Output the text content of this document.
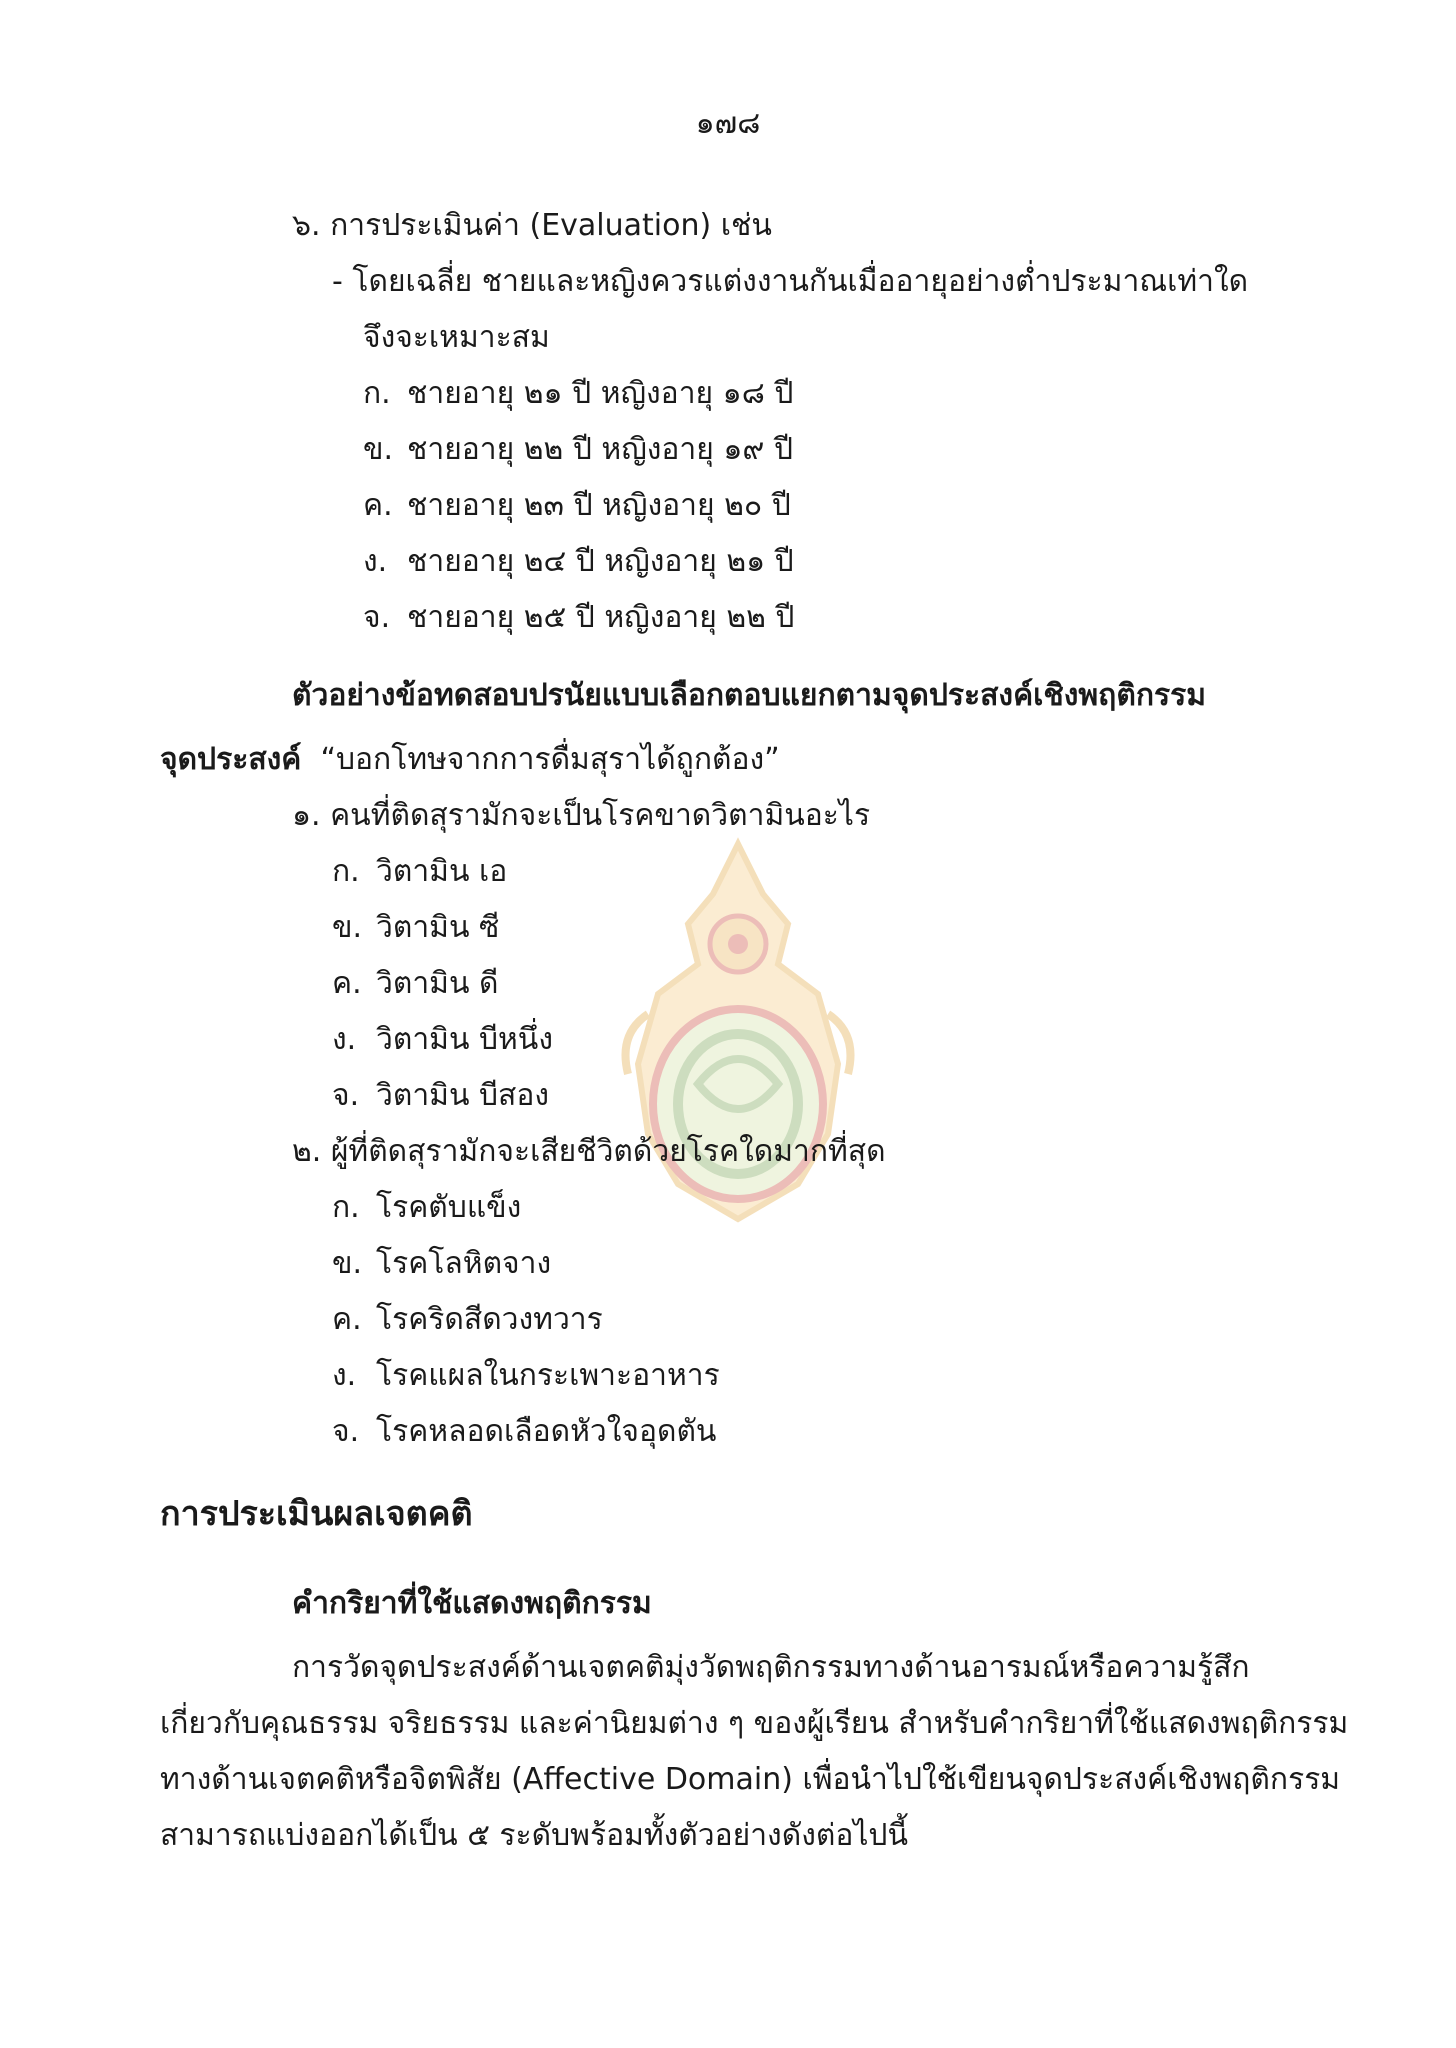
๑๗๘
๖. การประเมินค่า (Evaluation) เช่น
- โดยเฉลี่ย ชายและหญิงควรแต่งงานกันเมื่ออายุอย่างต่ำประมาณเท่าใด
จึงจะเหมาะสม
ก. ชายอายุ ๒๑ ปี หญิงอายุ ๑๘ ปี
ข. ชายอายุ ๒๒ ปี หญิงอายุ ๑๙ ปี
ค. ชายอายุ ๒๓ ปี หญิงอายุ ๒๐ ปี
ง. ชายอายุ ๒๔ ปี หญิงอายุ ๒๑ ปี
จ. ชายอายุ ๒๕ ปี หญิงอายุ ๒๒ ปี
ตัวอย่างข้อทดสอบปรนัยแบบเลือกตอบแยกตามจุดประสงค์เชิงพฤติกรรม
จุดประสงค์ “บอกโทษจากการดื่มสุราได้ถูกต้อง”
๑. คนที่ติดสุรามักจะเป็นโรคขาดวิตามินอะไร
ก. วิตามิน เอ
ข. วิตามิน ซี
ค. วิตามิน ดี
ง. วิตามิน บีหนึ่ง
จ. วิตามิน บีสอง
๒. ผู้ที่ติดสุรามักจะเสียชีวิตด้วยโรคใดมากที่สุด
ก. โรคตับแข็ง
ข. โรคโลหิตจาง
ค. โรคริดสีดวงทวาร
ง. โรคแผลในกระเพาะอาหาร
จ. โรคหลอดเลือดหัวใจอุดตัน
การประเมินผลเจตคติ
คำกริยาที่ใช้แสดงพฤติกรรม
การวัดจุดประสงค์ด้านเจตคติมุ่งวัดพฤติกรรมทางด้านอารมณ์หรือความรู้สึก
เกี่ยวกับคุณธรรม จริยธรรม และค่านิยมต่าง ๆ ของผู้เรียน สำหรับคำกริยาที่ใช้แสดงพฤติกรรม
ทางด้านเจตคติหรือจิตพิสัย (Affective Domain) เพื่อนำไปใช้เขียนจุดประสงค์เชิงพฤติกรรม
สามารถแบ่งออกได้เป็น ๕ ระดับพร้อมทั้งตัวอย่างดังต่อไปนี้
